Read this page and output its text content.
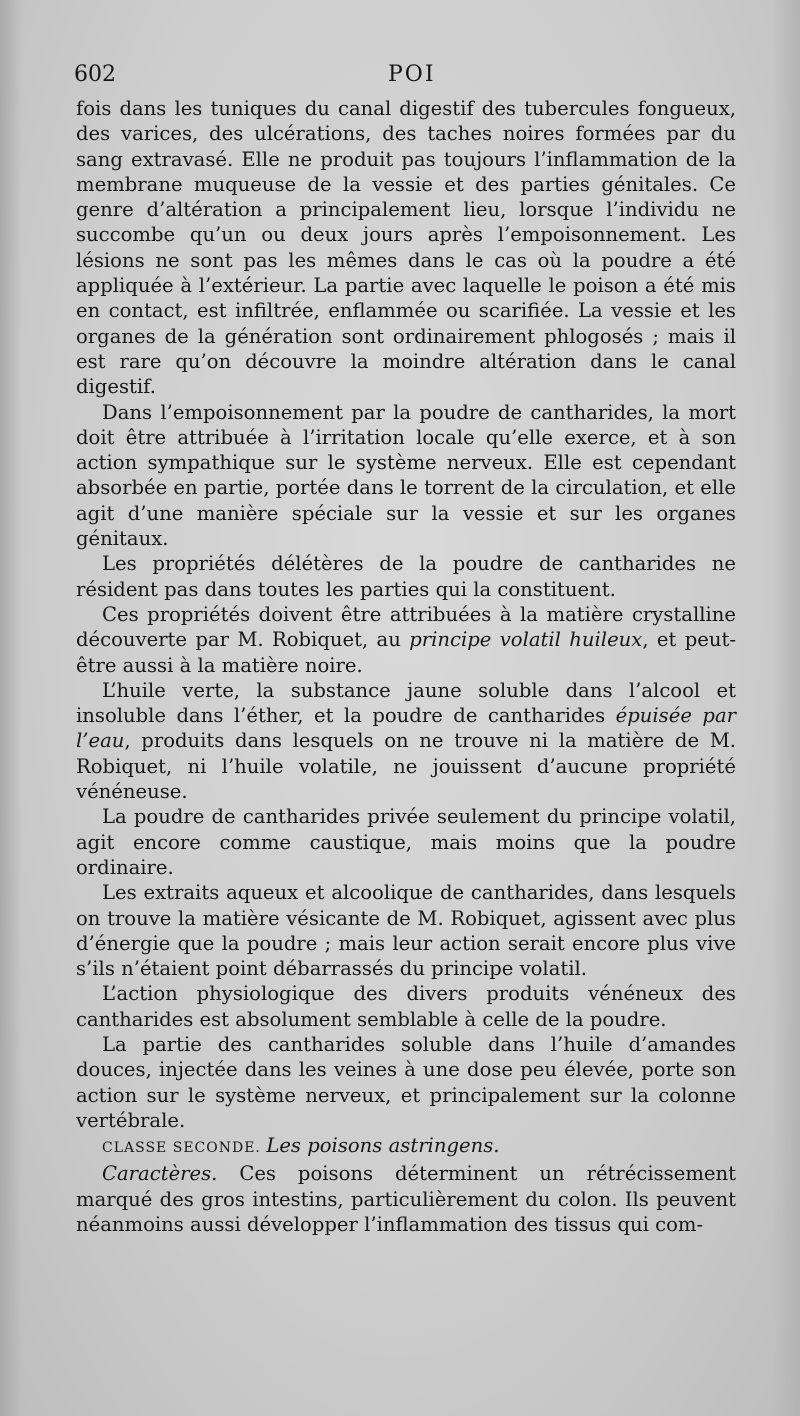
602	POI

fois dans les tuniques du canal digestif des tubercules fongueux, des varices, des ulcérations, des taches noires formées par du sang extravasé. Elle ne produit pas toujours l’inflammation de la membrane muqueuse de la vessie et des parties génitales. Ce genre d’altération a principalement lieu, lorsque l’individu ne succombe qu’un ou deux jours après l’empoisonnement. Les lésions ne sont pas les mêmes dans le cas où la poudre a été appliquée à l’extérieur. La partie avec laquelle le poison a été mis en contact, est infiltrée, enflammée ou scarifiée. La vessie et les organes de la génération sont ordinairement phlogosés ; mais il est rare qu’on découvre la moindre altération dans le canal digestif.

Dans l’empoisonnement par la poudre de cantharides, la mort doit être attribuée à l’irritation locale qu’elle exerce, et à son action sympathique sur le système nerveux. Elle est cependant absorbée en partie, portée dans le torrent de la circulation, et elle agit d’une manière spéciale sur la vessie et sur les organes génitaux.

Les propriétés délétères de la poudre de cantharides ne résident pas dans toutes les parties qui la constituent.

Ces propriétés doivent être attribuées à la matière crystalline découverte par M. Robiquet, au principe volatil huileux, et peut-être aussi à la matière noire.

L’huile verte, la substance jaune soluble dans l’alcool et insoluble dans l’éther, et la poudre de cantharides épuisée par l’eau, produits dans lesquels on ne trouve ni la matière de M. Robiquet, ni l’huile volatile, ne jouissent d’aucune propriété vénéneuse.

La poudre de cantharides privée seulement du principe volatil, agit encore comme caustique, mais moins que la poudre ordinaire.

Les extraits aqueux et alcoolique de cantharides, dans lesquels on trouve la matière vésicante de M. Robiquet, agissent avec plus d’énergie que la poudre ; mais leur action serait encore plus vive s’ils n’étaient point débarrassés du principe volatil.

L’action physiologique des divers produits vénéneux des cantharides est absolument semblable à celle de la poudre.

La partie des cantharides soluble dans l’huile d’amandes douces, injectée dans les veines à une dose peu élevée, porte son action sur le système nerveux, et principalement sur la colonne vertébrale.

CLASSE SECONDE. Les poisons astringens.

Caractères. Ces poisons déterminent un rétrécissement marqué des gros intestins, particulièrement du colon. Ils peuvent néanmoins aussi développer l’inflammation des tissus qui com-
